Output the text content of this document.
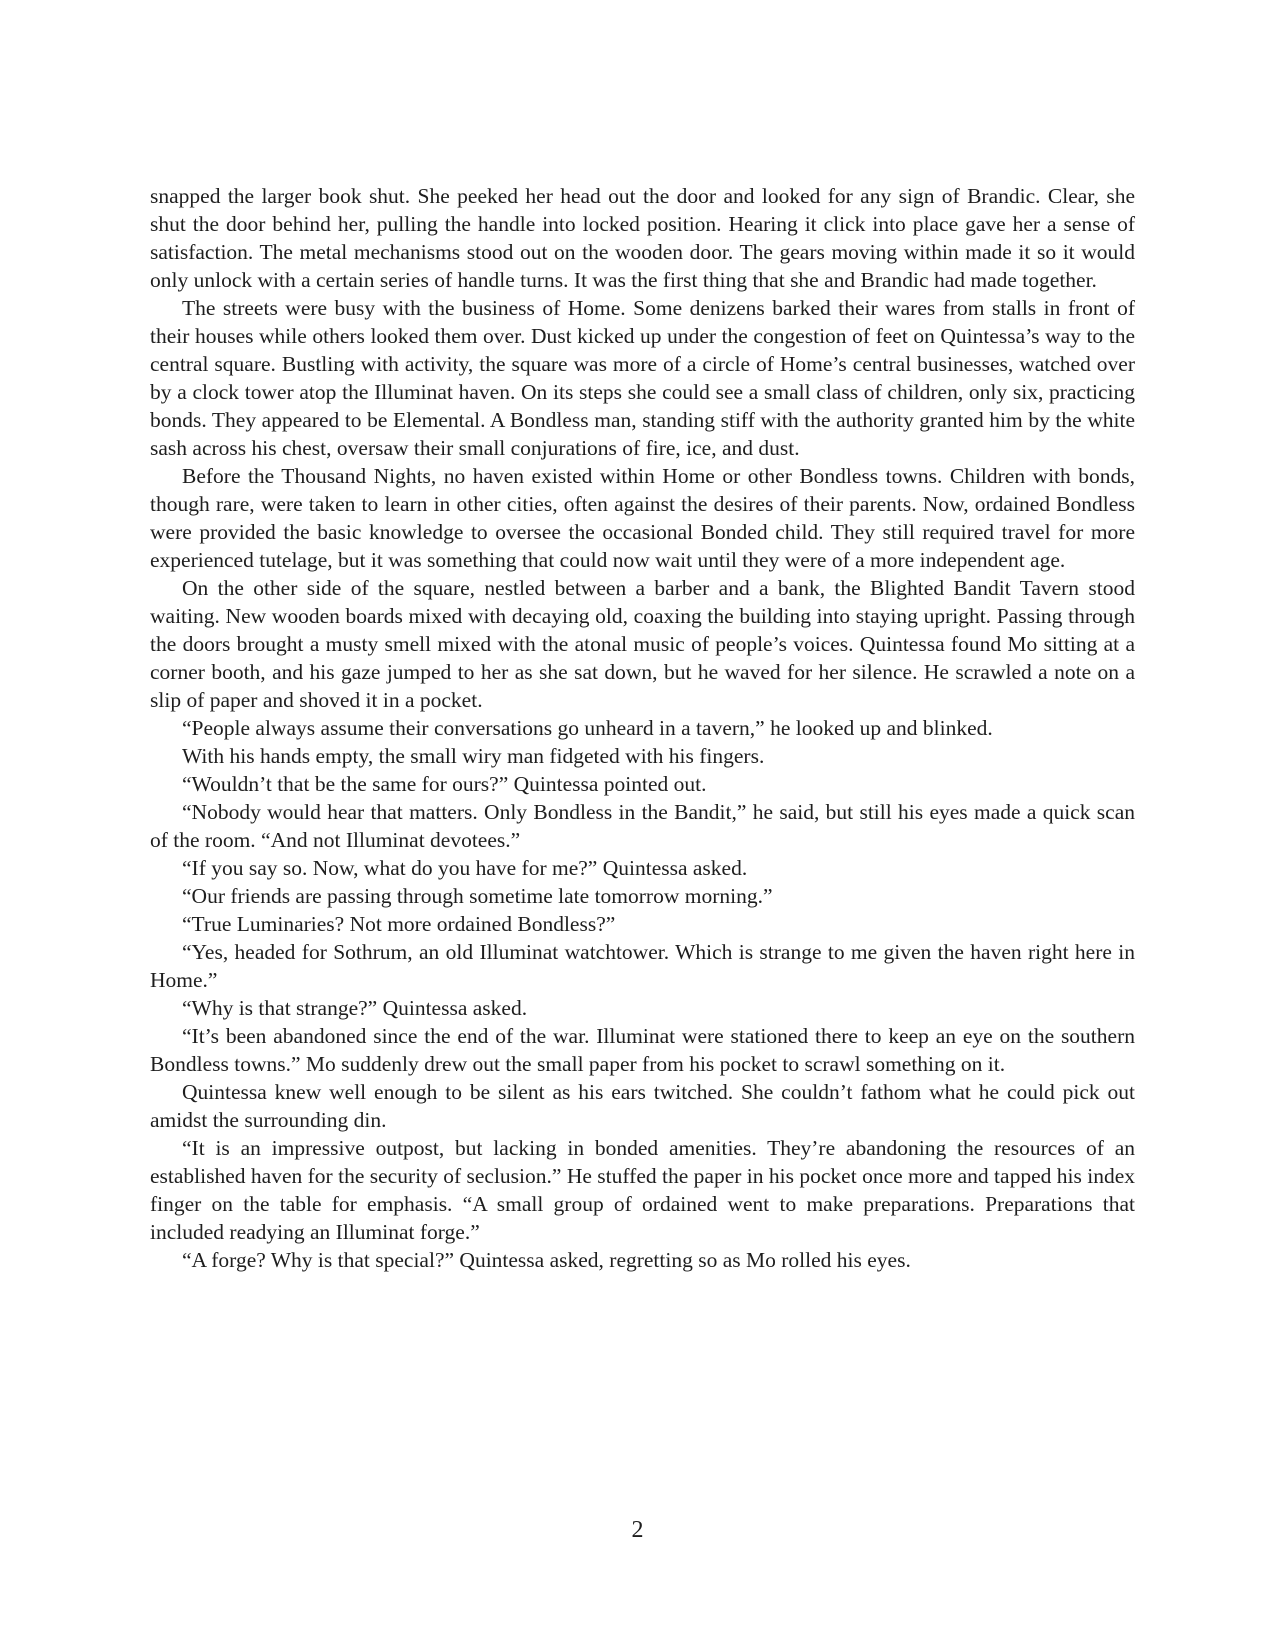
snapped the larger book shut. She peeked her head out the door and looked for any sign of Brandic. Clear, she shut the door behind her, pulling the handle into locked position. Hearing it click into place gave her a sense of satisfaction. The metal mechanisms stood out on the wooden door. The gears moving within made it so it would only unlock with a certain series of handle turns. It was the first thing that she and Brandic had made together.

The streets were busy with the business of Home. Some denizens barked their wares from stalls in front of their houses while others looked them over. Dust kicked up under the congestion of feet on Quintessa’s way to the central square. Bustling with activity, the square was more of a circle of Home’s central businesses, watched over by a clock tower atop the Illuminat haven. On its steps she could see a small class of children, only six, practicing bonds. They appeared to be Elemental. A Bondless man, standing stiff with the authority granted him by the white sash across his chest, oversaw their small conjurations of fire, ice, and dust.

Before the Thousand Nights, no haven existed within Home or other Bondless towns. Children with bonds, though rare, were taken to learn in other cities, often against the desires of their parents. Now, ordained Bondless were provided the basic knowledge to oversee the occasional Bonded child. They still required travel for more experienced tutelage, but it was something that could now wait until they were of a more independent age.

On the other side of the square, nestled between a barber and a bank, the Blighted Bandit Tavern stood waiting. New wooden boards mixed with decaying old, coaxing the building into staying upright. Passing through the doors brought a musty smell mixed with the atonal music of people’s voices. Quintessa found Mo sitting at a corner booth, and his gaze jumped to her as she sat down, but he waved for her silence. He scrawled a note on a slip of paper and shoved it in a pocket.

“People always assume their conversations go unheard in a tavern,” he looked up and blinked.

With his hands empty, the small wiry man fidgeted with his fingers.

“Wouldn’t that be the same for ours?” Quintessa pointed out.

“Nobody would hear that matters. Only Bondless in the Bandit,” he said, but still his eyes made a quick scan of the room. “And not Illuminat devotees.”

“If you say so. Now, what do you have for me?” Quintessa asked.

“Our friends are passing through sometime late tomorrow morning.”

“True Luminaries? Not more ordained Bondless?”

“Yes, headed for Sothrum, an old Illuminat watchtower. Which is strange to me given the haven right here in Home.”

“Why is that strange?” Quintessa asked.

“It’s been abandoned since the end of the war. Illuminat were stationed there to keep an eye on the southern Bondless towns.” Mo suddenly drew out the small paper from his pocket to scrawl something on it.

Quintessa knew well enough to be silent as his ears twitched. She couldn’t fathom what he could pick out amidst the surrounding din.

“It is an impressive outpost, but lacking in bonded amenities. They’re abandoning the resources of an established haven for the security of seclusion.” He stuffed the paper in his pocket once more and tapped his index finger on the table for emphasis. “A small group of ordained went to make preparations. Preparations that included readying an Illuminat forge.”

“A forge? Why is that special?” Quintessa asked, regretting so as Mo rolled his eyes.

2
